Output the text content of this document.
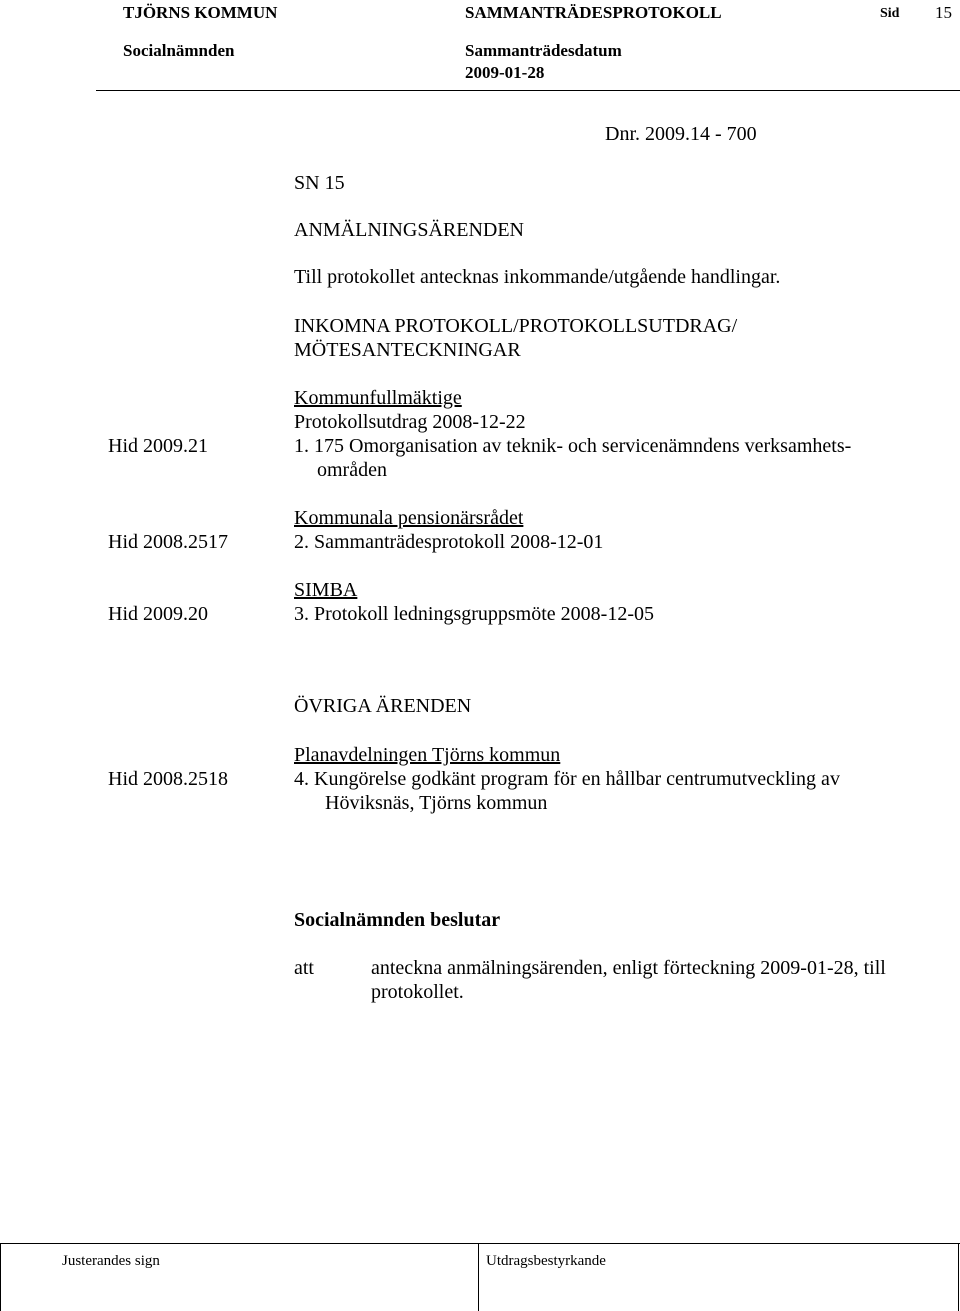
TJÖRNS KOMMUN	SAMMANTRÄDESPROTOKOLL	Sid 15
Socialnämnden	Sammanträdesdatum
2009-01-28
Dnr. 2009.14 - 700
SN 15
ANMÄLNINGSÄRENDEN
Till protokollet antecknas inkommande/utgående handlingar.
INKOMNA PROTOKOLL/PROTOKOLLSUTDRAG/
MÖTESANTECKNINGAR
Kommunfullmäktige
Protokollsutdrag 2008-12-22
Hid 2009.21	1. 175 Omorganisation av teknik- och servicenämndens verksamhets-
områden
Kommunala pensionärsrådet
Hid 2008.2517	2. Sammanträdesprotokoll 2008-12-01
SIMBA
Hid 2009.20	3. Protokoll ledningsgruppsmöte 2008-12-05
ÖVRIGA ÄRENDEN
Planavdelningen Tjörns kommun
Hid 2008.2518	4. Kungörelse godkänt program för en hållbar centrumutveckling av
Höviksnäs, Tjörns kommun
Socialnämnden beslutar
att	anteckna anmälningsärenden, enligt förteckning 2009-01-28, till
protokollet.
Justerandes sign	Utdragsbestyrkande
